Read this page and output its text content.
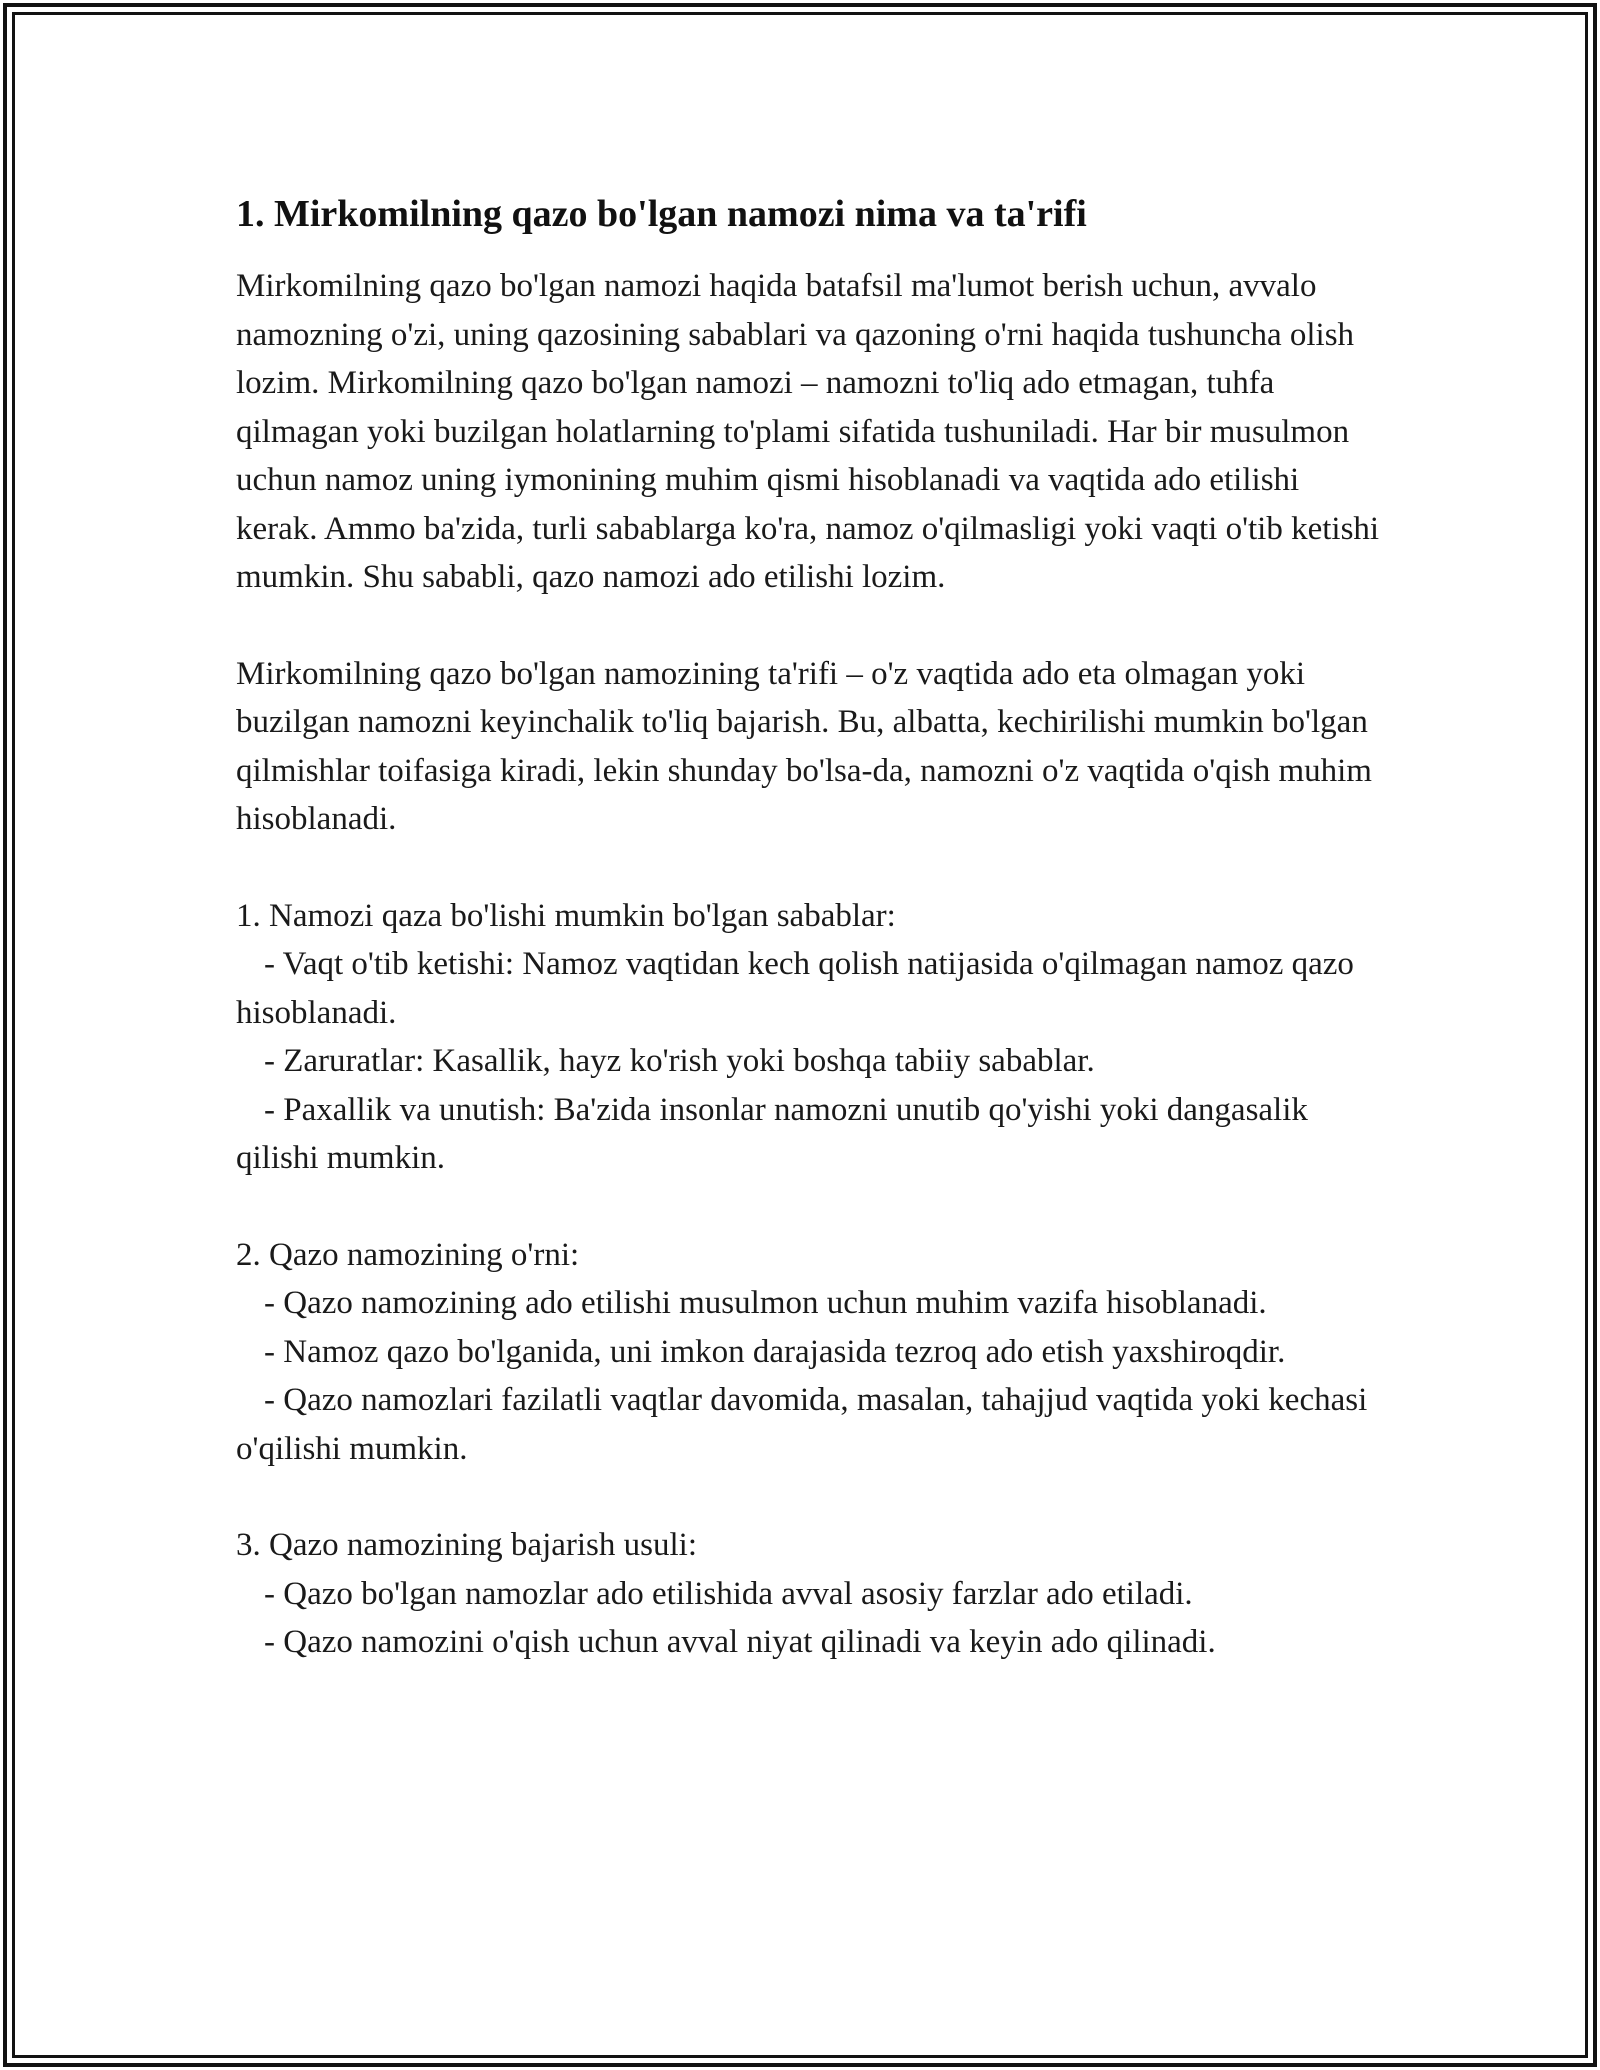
1. Mirkomilning qazo bo'lgan namozi nima va ta'rifi

Mirkomilning qazo bo'lgan namozi haqida batafsil ma'lumot berish uchun, avvalo namozning o'zi, uning qazosining sabablari va qazoning o'rni haqida tushuncha olish lozim. Mirkomilning qazo bo'lgan namozi – namozni to'liq ado etmagan, tuhfa qilmagan yoki buzilgan holatlarning to'plami sifatida tushuniladi. Har bir musulmon uchun namoz uning iymonining muhim qismi hisoblanadi va vaqtida ado etilishi kerak. Ammo ba'zida, turli sabablarga ko'ra, namoz o'qilmasligi yoki vaqti o'tib ketishi mumkin. Shu sababli, qazo namozi ado etilishi lozim.

Mirkomilning qazo bo'lgan namozining ta'rifi – o'z vaqtida ado eta olmagan yoki buzilgan namozni keyinchalik to'liq bajarish. Bu, albatta, kechirilishi mumkin bo'lgan qilmishlar toifasiga kiradi, lekin shunday bo'lsa-da, namozni o'z vaqtida o'qish muhim hisoblanadi.

1. Namozi qaza bo'lishi mumkin bo'lgan sabablar:

- Vaqt o'tib ketishi: Namoz vaqtidan kech qolish natijasida o'qilmagan namoz qazo hisoblanadi.

- Zaruratlar: Kasallik, hayz ko'rish yoki boshqa tabiiy sabablar.

- Paxallik va unutish: Ba'zida insonlar namozni unutib qo'yishi yoki dangasalik qilishi mumkin.

2. Qazo namozining o'rni:

- Qazo namozining ado etilishi musulmon uchun muhim vazifa hisoblanadi.

- Namoz qazo bo'lganida, uni imkon darajasida tezroq ado etish yaxshiroqdir.

- Qazo namozlari fazilatli vaqtlar davomida, masalan, tahajjud vaqtida yoki kechasi o'qilishi mumkin.

3. Qazo namozining bajarish usuli:

- Qazo bo'lgan namozlar ado etilishida avval asosiy farzlar ado etiladi.

- Qazo namozini o'qish uchun avval niyat qilinadi va keyin ado qilinadi.
